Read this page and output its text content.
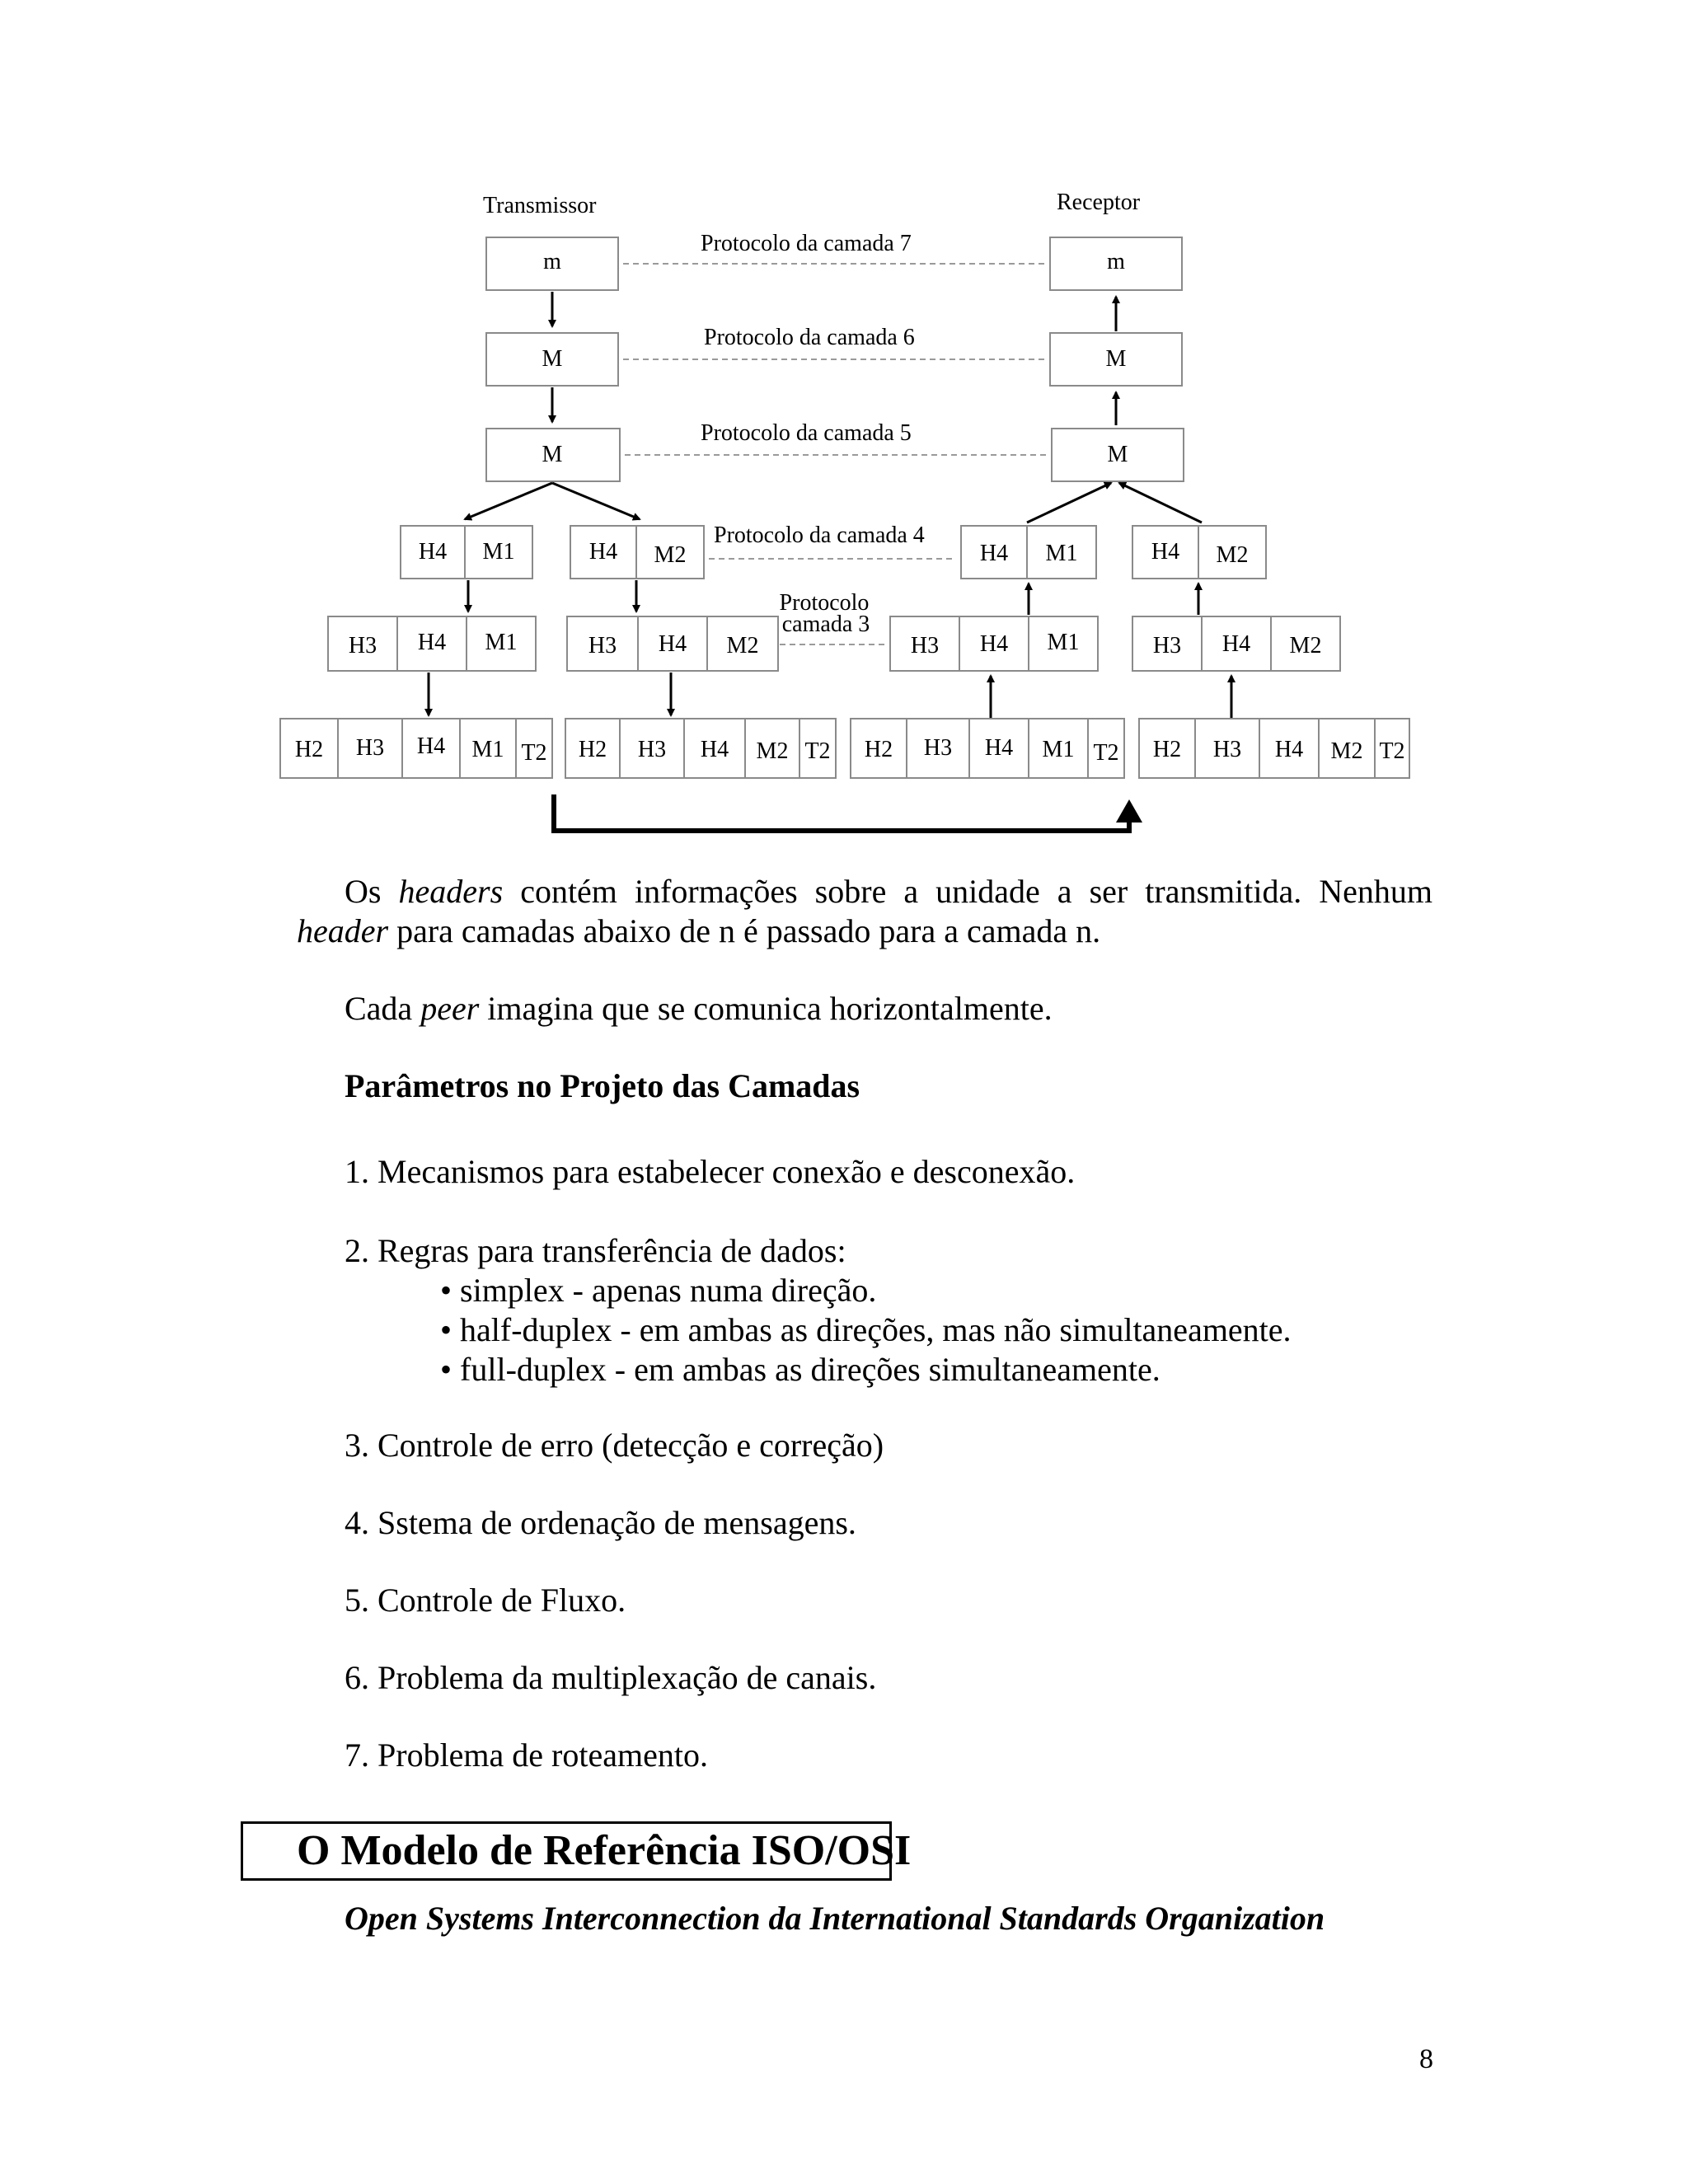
Transmissor	Receptor
m	m
Protocolo da camada 7
M	M
Protocolo da camada 6
M	M
Protocolo da camada 5
H4 M1	H4 M2	H4 M1	H4 M2
Protocolo da camada 4
H3 H4 M1	H3 H4 M2	H3 H4 M1	H3 H4 M2
Protocolo
camada 3
H2 H3 H4 M1 T2 H2 H3 H4 M2 T2 H2 H3 H4 M1 T2 H2 H3 H4 M2 T2
Os headers contém informações sobre a unidade a ser transmitida. Nenhum header para camadas abaixo de n é passado para a camada n.
Cada peer imagina que se comunica horizontalmente.
Parâmetros no Projeto das Camadas
1. Mecanismos para estabelecer conexão e desconexão.
2. Regras para transferência de dados:
• simplex - apenas numa direção.
• half-duplex - em ambas as direções, mas não simultaneamente.
• full-duplex - em ambas as direções simultaneamente.
3. Controle de erro (detecção e correção)
4. Sstema de ordenação de mensagens.
5. Controle de Fluxo.
6. Problema da multiplexação de canais.
7. Problema de roteamento.
O Modelo de Referência ISO/OSI
Open Systems Interconnection da International Standards Organization
8
